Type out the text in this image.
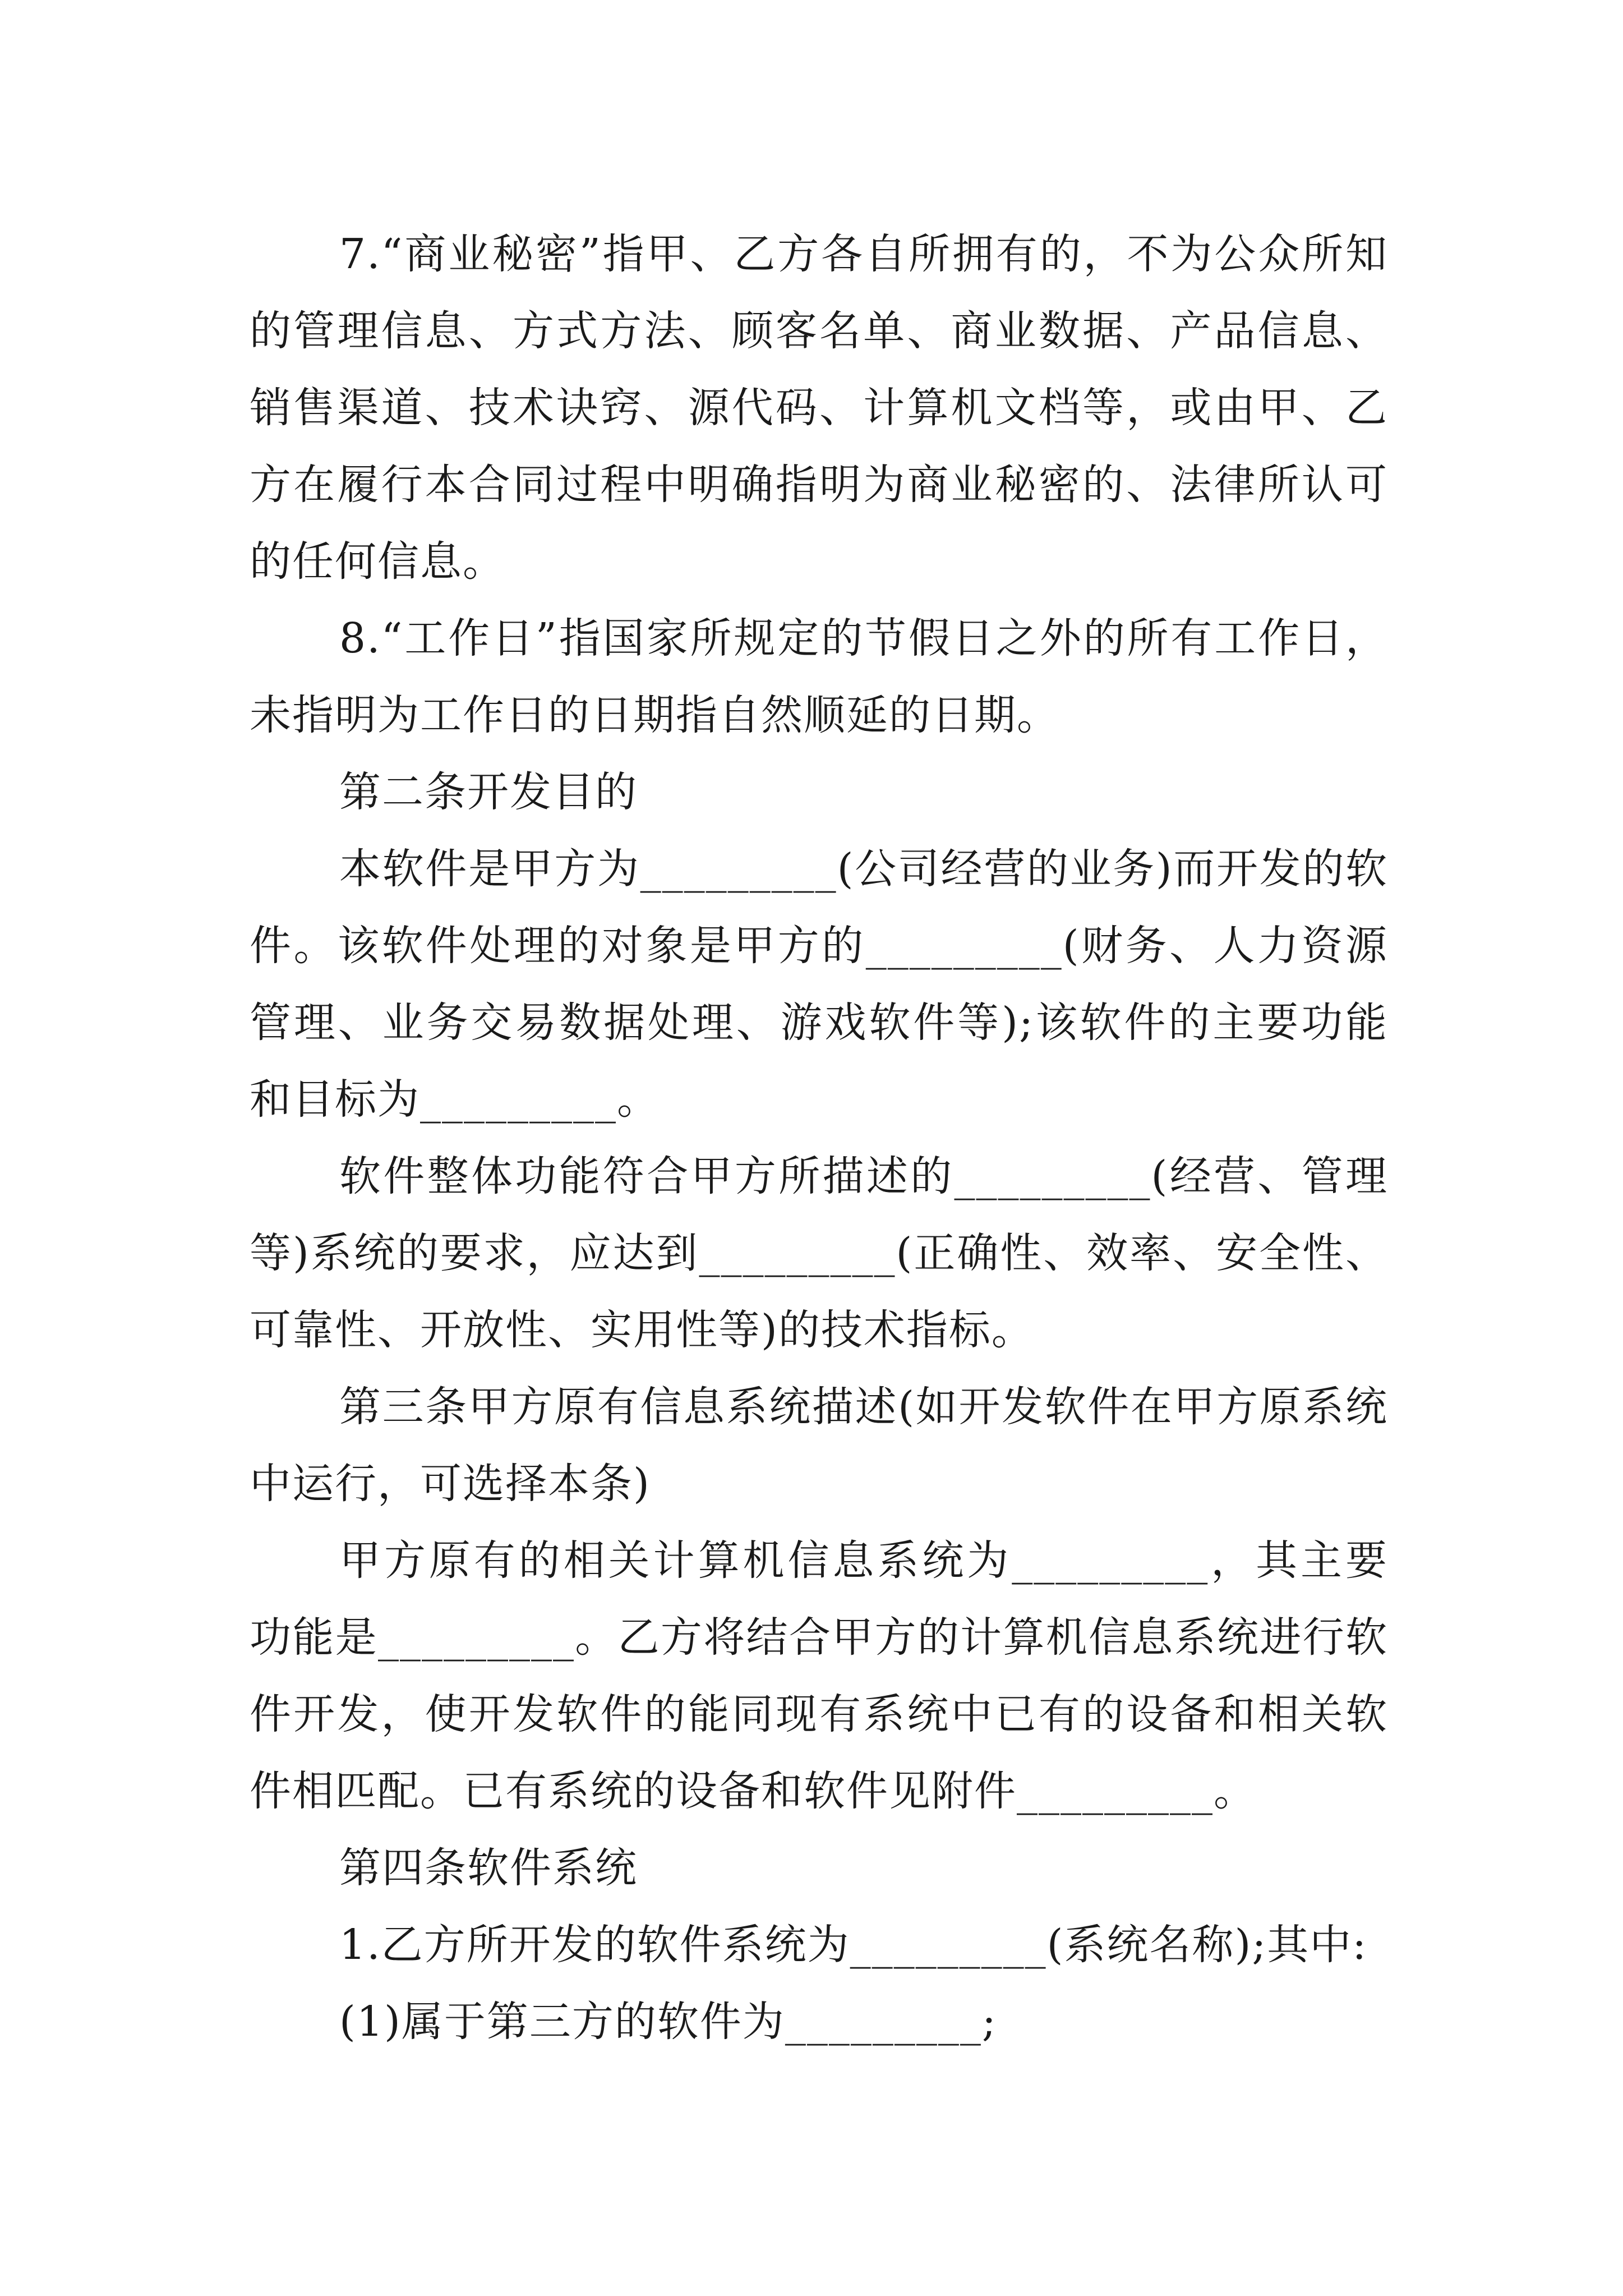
7.“商业秘密”指甲、乙方各自所拥有的，不为公众所知的管理信息、方式方法、顾客名单、商业数据、产品信息、销售渠道、技术诀窍、源代码、计算机文档等，或由甲、乙方在履行本合同过程中明确指明为商业秘密的、法律所认可的任何信息。

8.“工作日”指国家所规定的节假日之外的所有工作日，未指明为工作日的日期指自然顺延的日期。

第二条开发目的

本软件是甲方为_________(公司经营的业务)而开发的软件。该软件处理的对象是甲方的_________(财务、人力资源管理、业务交易数据处理、游戏软件等);该软件的主要功能和目标为_________。

软件整体功能符合甲方所描述的_________(经营、管理等)系统的要求，应达到_________(正确性、效率、安全性、可靠性、开放性、实用性等)的技术指标。

第三条甲方原有信息系统描述(如开发软件在甲方原系统中运行，可选择本条)

甲方原有的相关计算机信息系统为_________，其主要功能是_________。乙方将结合甲方的计算机信息系统进行软件开发，使开发软件的能同现有系统中已有的设备和相关软件相匹配。已有系统的设备和软件见附件_________。

第四条软件系统

1.乙方所开发的软件系统为_________(系统名称);其中:

(1)属于第三方的软件为_________;
